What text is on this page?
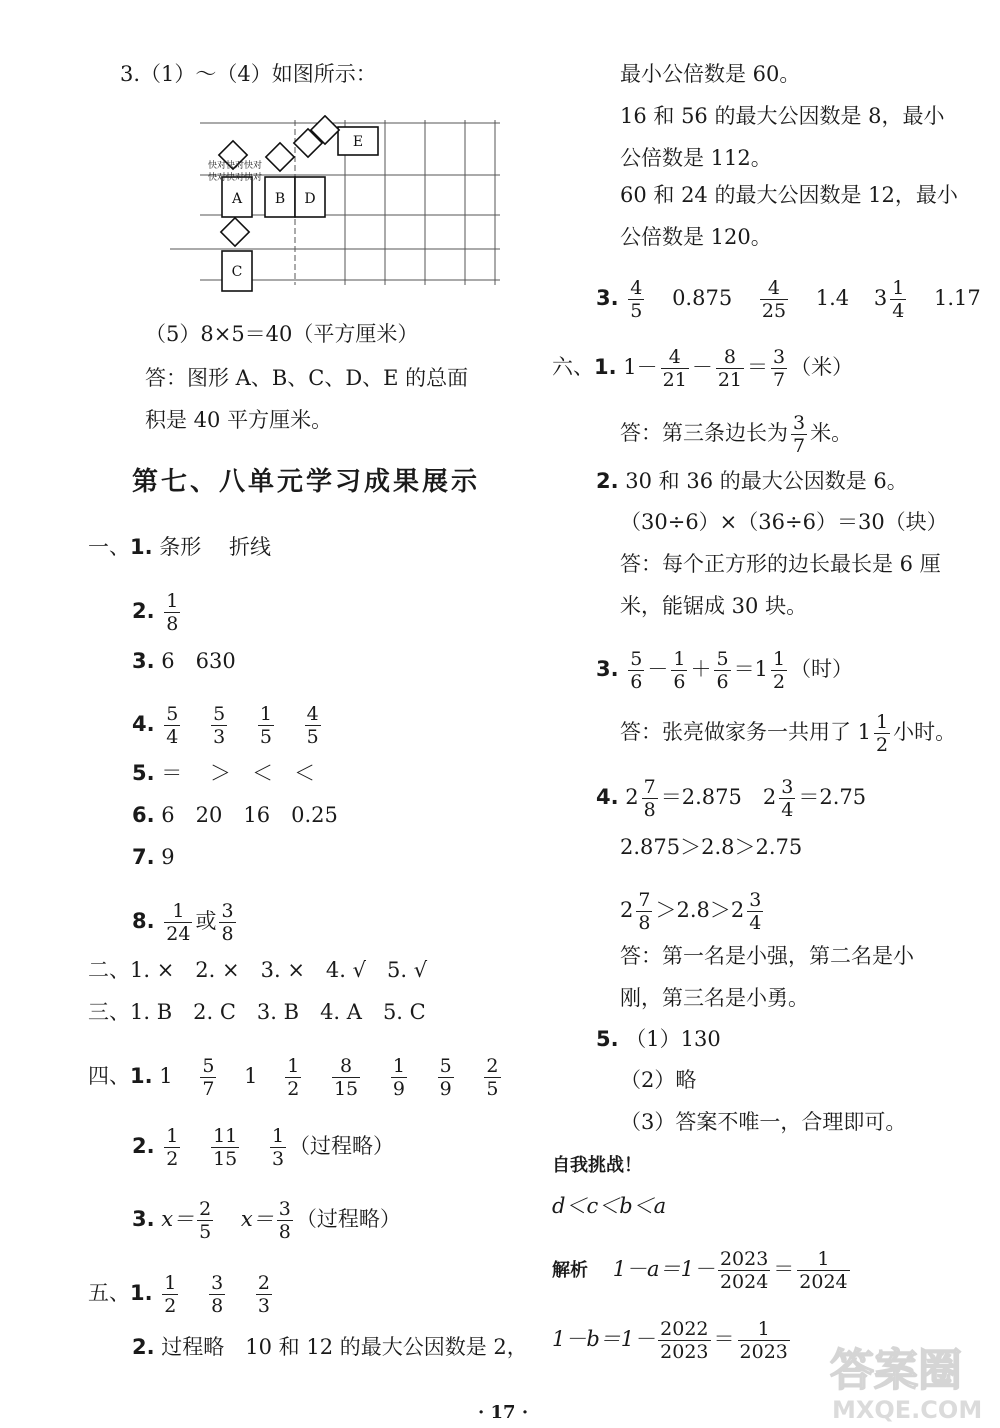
3.（1）～（4）如图所示：
A B D
C
E
快对快对快对
快对快对快对
（5）8×5＝40（平方厘米）
答：图形 A、B、C、D、E 的总面
积是 40 平方厘米。
第七、八单元学习成果展示
一、1. 条形　 折线
2. $\frac{1}{8}$
3. 6　630
4. $\frac{5}{4}$
$\frac{5}{3}$
$\frac{1}{5}$
$\frac{4}{5}$
5. ＝　 ＞　＜　＜
6. 6　20　16　0.25
7. 9
8. $\frac{1}{24}$ 或 $\frac{3}{8}$
二、1. ×　2. ×　3. ×　4. √　5. √
三、1. B　2. C　3. B　4. A　5. C
四、1. $1 \frac{5}{7} 1 \frac{1}{2}$
$\frac{8}{15}$
$\frac{1}{9}$
$\frac{5}{9}$
$\frac{2}{5}$
2. $\frac{1}{2}$
$\frac{11}{15}$
$\frac{1}{3}$ （过程略）
3. $x= \frac{2}{5} x= \frac{3}{8}$ （过程略）
五、1. $\frac{1}{2}$
$\frac{3}{8}$
$\frac{2}{3}$
2. 过程略　10 和 12 的最大公因数是 2，
最小公倍数是 60。
16 和 56 的最大公因数是 8，最小
公倍数是 112。
60 和 24 的最大公因数是 12，最小
公倍数是 120。
3. $\frac{4}{5} 0.875 \frac{4}{25} 1.4$ $3 \frac{1}{4} 1.17$
六、1. $1- \frac{4}{21} - \frac{8}{21} = \frac{3}{7}$ （米）
答：第三条边长为 $\frac{3}{7}$ 米。
2. 30 和 36 的最大公因数是 6。
（30÷6）×（36÷6）＝30（块）
答：每个正方形的边长最长是 6 厘
米，能锯成 30 块。
3. $\frac{5}{6} - \frac{1}{6} + \frac{5}{6} =1 \frac{1}{2}$ （时）
答：张亮做家务一共用了 $1 \frac{1}{2}$ 小时。
4. $2 \frac{7}{8} =2.875$　$2 \frac{3}{4} =2.75$
2.875＞2.8＞2.75
$2 \frac{7}{8} >2.8>2 \frac{3}{4}$
答：第一名是小强，第二名是小
刚，第三名是小勇。
5. （1）130
（2）略
（3）答案不唯一，合理即可。
自我挑战！
d＜c＜b＜a
解析 $1-a=1- \frac{2023}{2024} = \frac{1}{2024}$
$1-b=1- \frac{2022}{2023} = \frac{1}{2023}$
· 17 ·
答案圈
MXQE.COM
